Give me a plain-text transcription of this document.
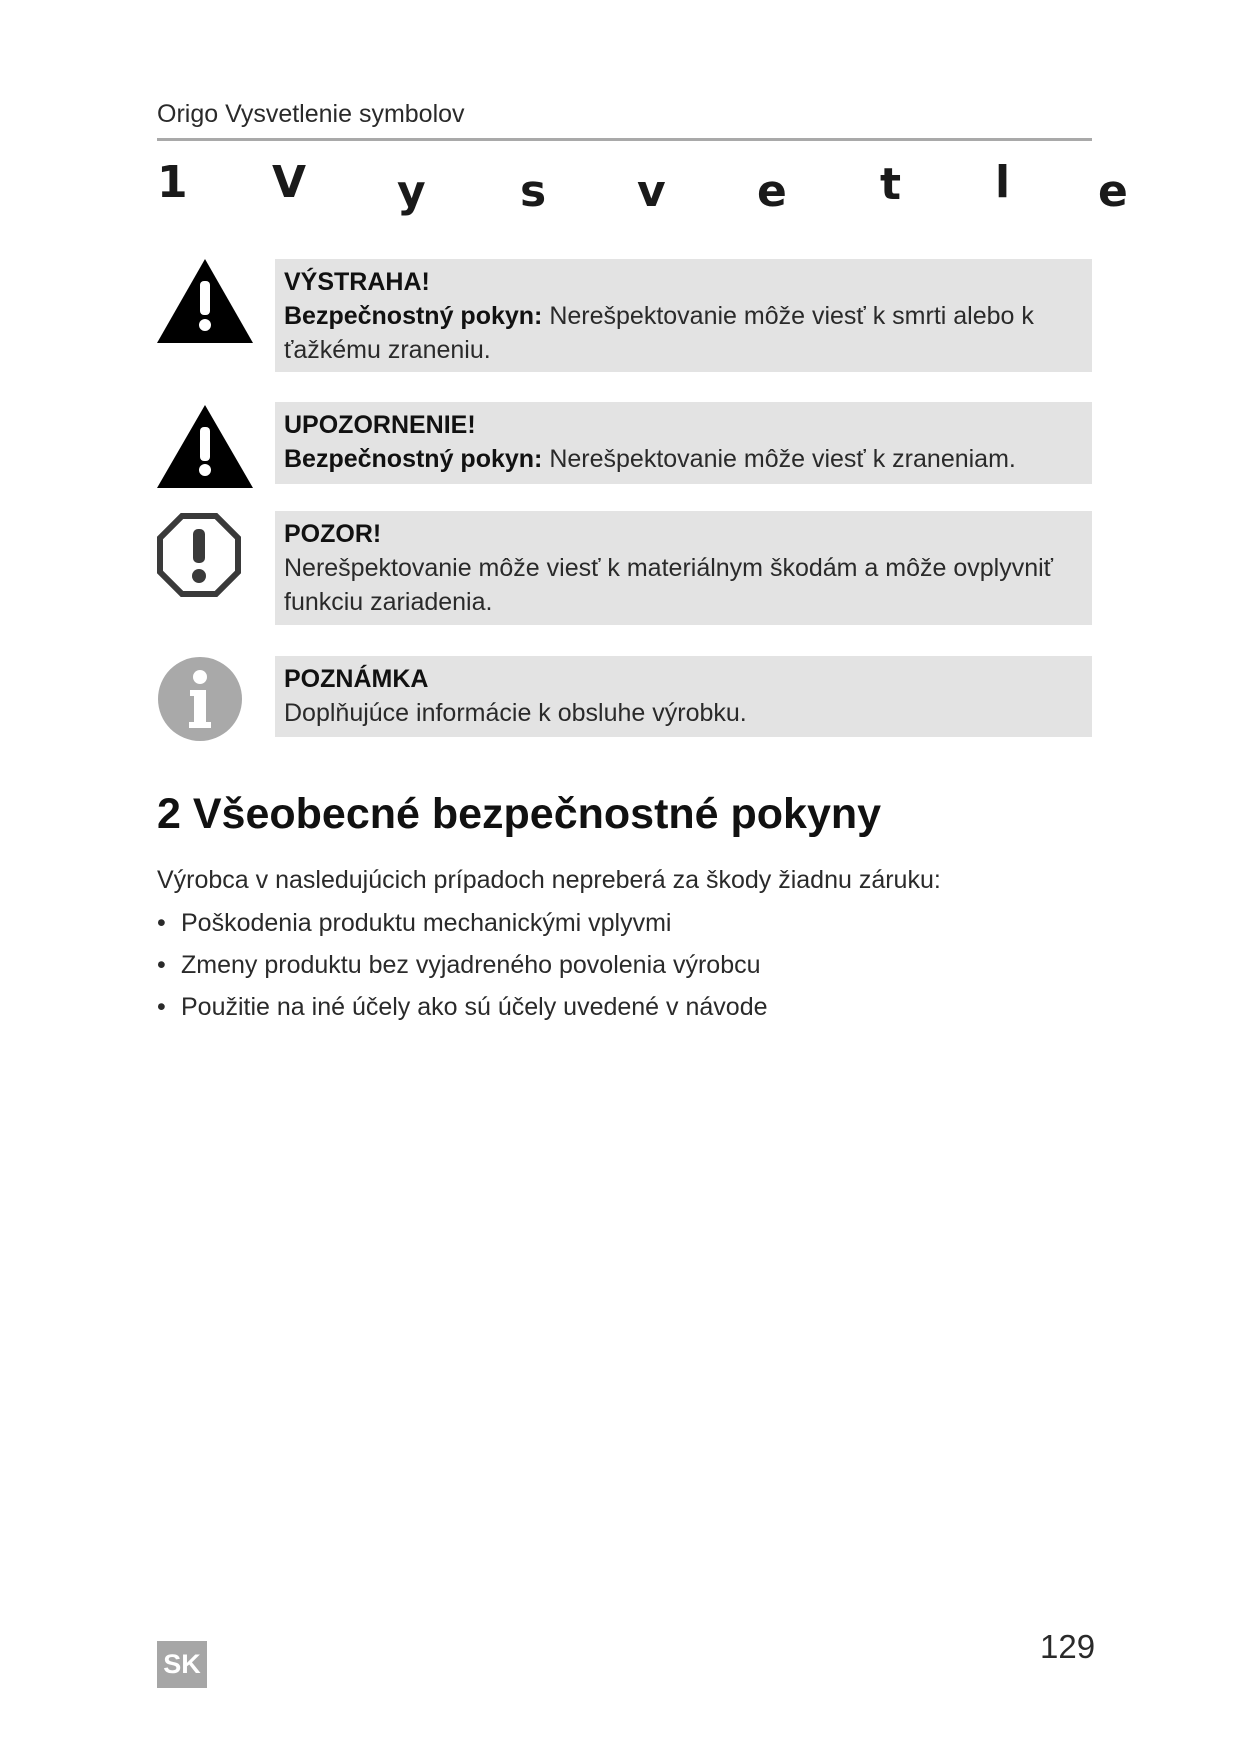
Origo Vysvetlenie symbolov
1 V y s v e t l e
VÝSTRAHA!
Bezpečnostný pokyn: Nerešpektovanie môže viesť k smrti alebo k ťažkému zraneniu.
UPOZORNENIE!
Bezpečnostný pokyn: Nerešpektovanie môže viesť k zraneniam.
POZOR!
Nerešpektovanie môže viesť k materiálnym škodám a môže ovplyvniť funkciu zariadenia.
POZNÁMKA
Doplňujúce informácie k obsluhe výrobku.
2 Všeobecné bezpečnostné pokyny
Výrobca v nasledujúcich prípadoch nepreberá za škody žiadnu záruku:
• Poškodenia produktu mechanickými vplyvmi
• Zmeny produktu bez vyjadreného povolenia výrobcu
• Použitie na iné účely ako sú účely uvedené v návode
SK	129
